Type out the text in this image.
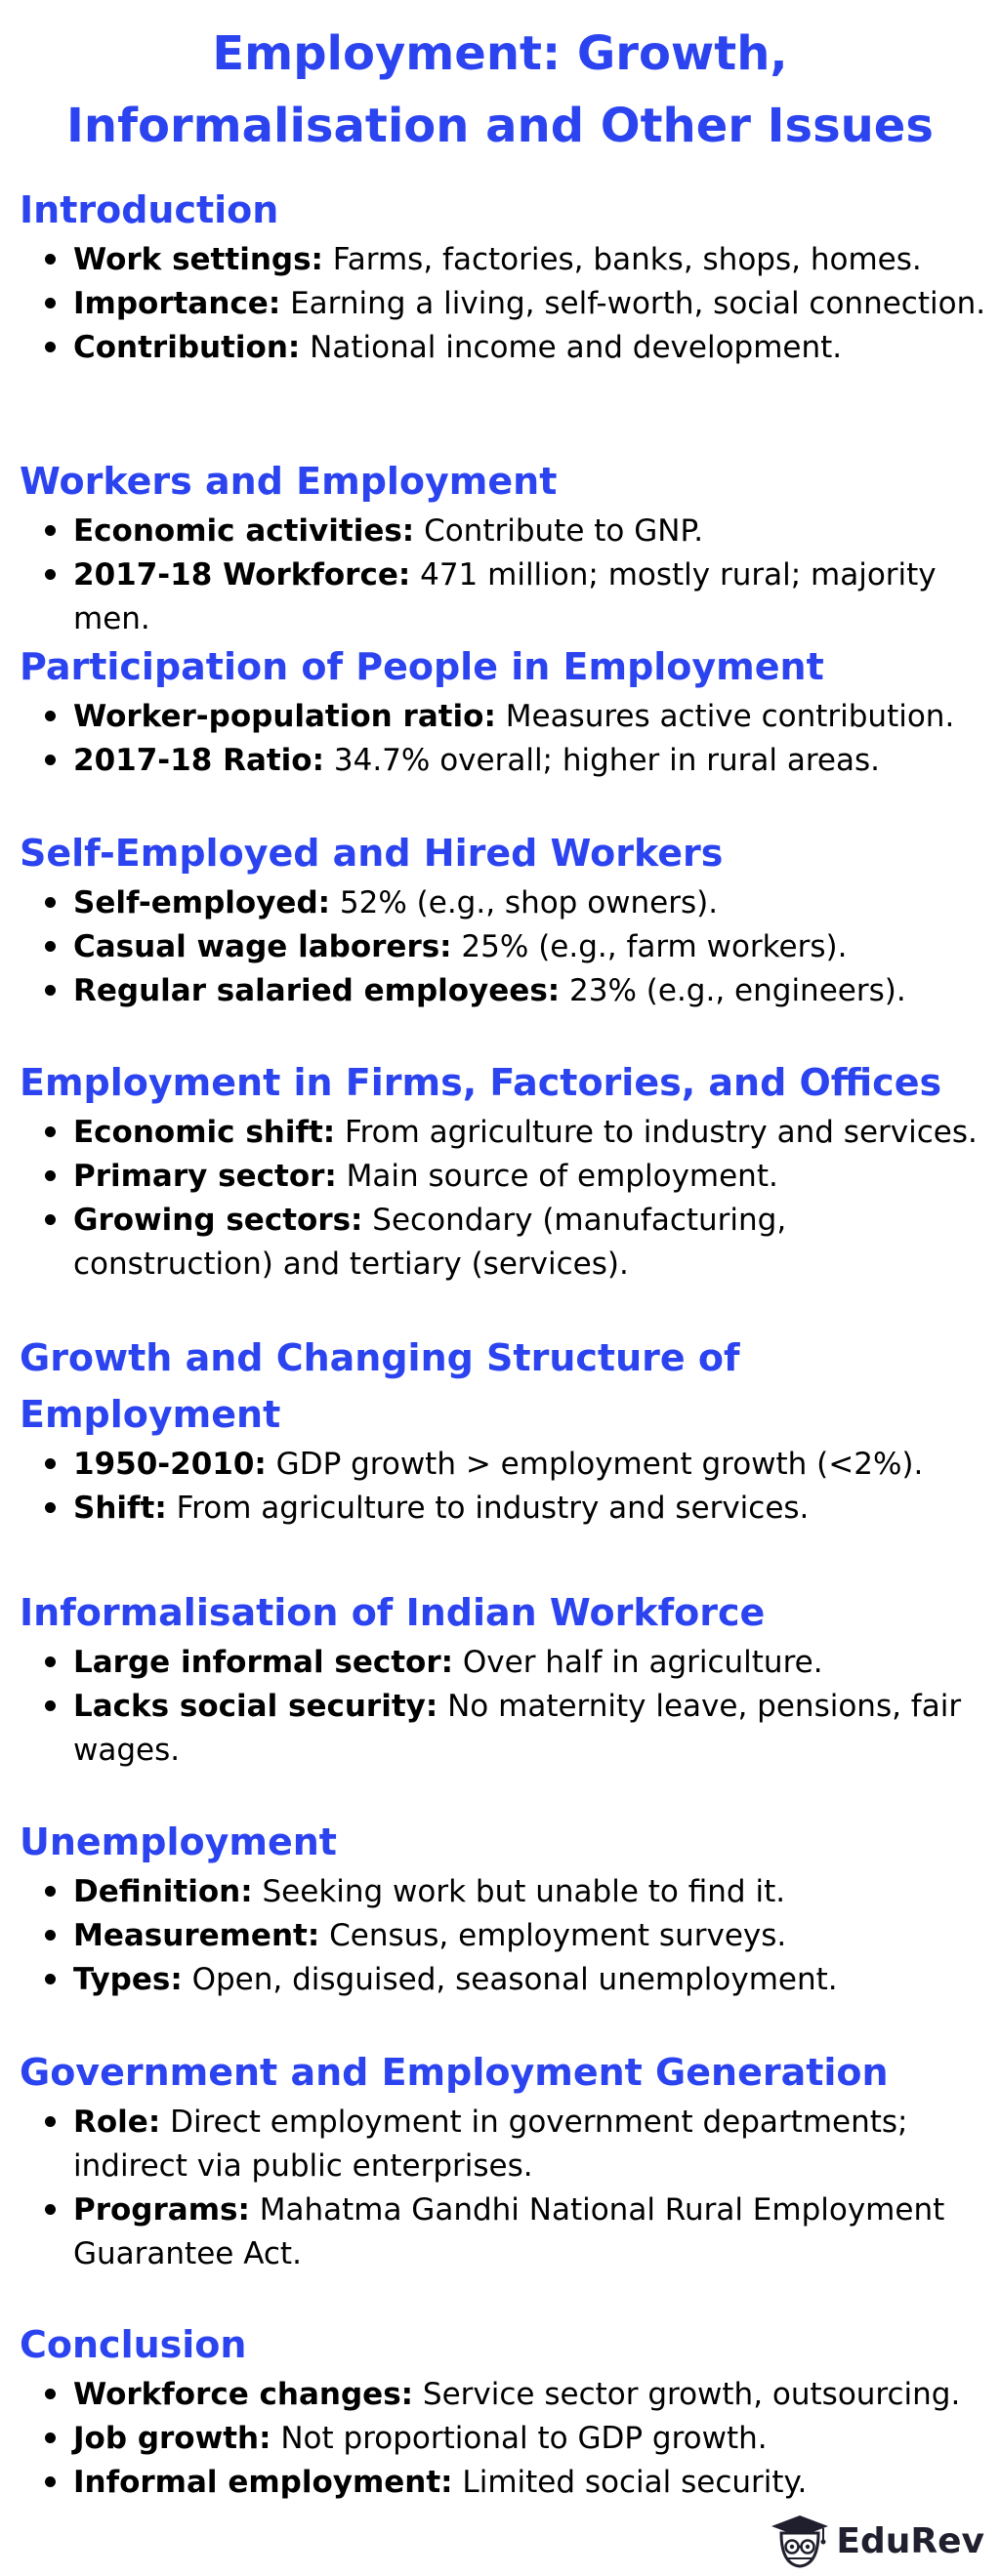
Employment: Growth,
Informalisation and Other Issues
Introduction
Work settings: Farms, factories, banks, shops, homes.
Importance: Earning a living, self-worth, social connection.
Contribution: National income and development.
Workers and Employment
Economic activities: Contribute to GNP.
2017-18 Workforce: 471 million; mostly rural; majority men.
Participation of People in Employment
Worker-population ratio: Measures active contribution.
2017-18 Ratio: 34.7% overall; higher in rural areas.
Self-Employed and Hired Workers
Self-employed: 52% (e.g., shop owners).
Casual wage laborers: 25% (e.g., farm workers).
Regular salaried employees: 23% (e.g., engineers).
Employment in Firms, Factories, and Offices
Economic shift: From agriculture to industry and services.
Primary sector: Main source of employment.
Growing sectors: Secondary (manufacturing, construction) and tertiary (services).
Growth and Changing Structure of Employment
1950-2010: GDP growth > employment growth (<2%).
Shift: From agriculture to industry and services.
Informalisation of Indian Workforce
Large informal sector: Over half in agriculture.
Lacks social security: No maternity leave, pensions, fair wages.
Unemployment
Definition: Seeking work but unable to find it.
Measurement: Census, employment surveys.
Types: Open, disguised, seasonal unemployment.
Government and Employment Generation
Role: Direct employment in government departments; indirect via public enterprises.
Programs: Mahatma Gandhi National Rural Employment Guarantee Act.
Conclusion
Workforce changes: Service sector growth, outsourcing.
Job growth: Not proportional to GDP growth.
Informal employment: Limited social security.
EduRev
